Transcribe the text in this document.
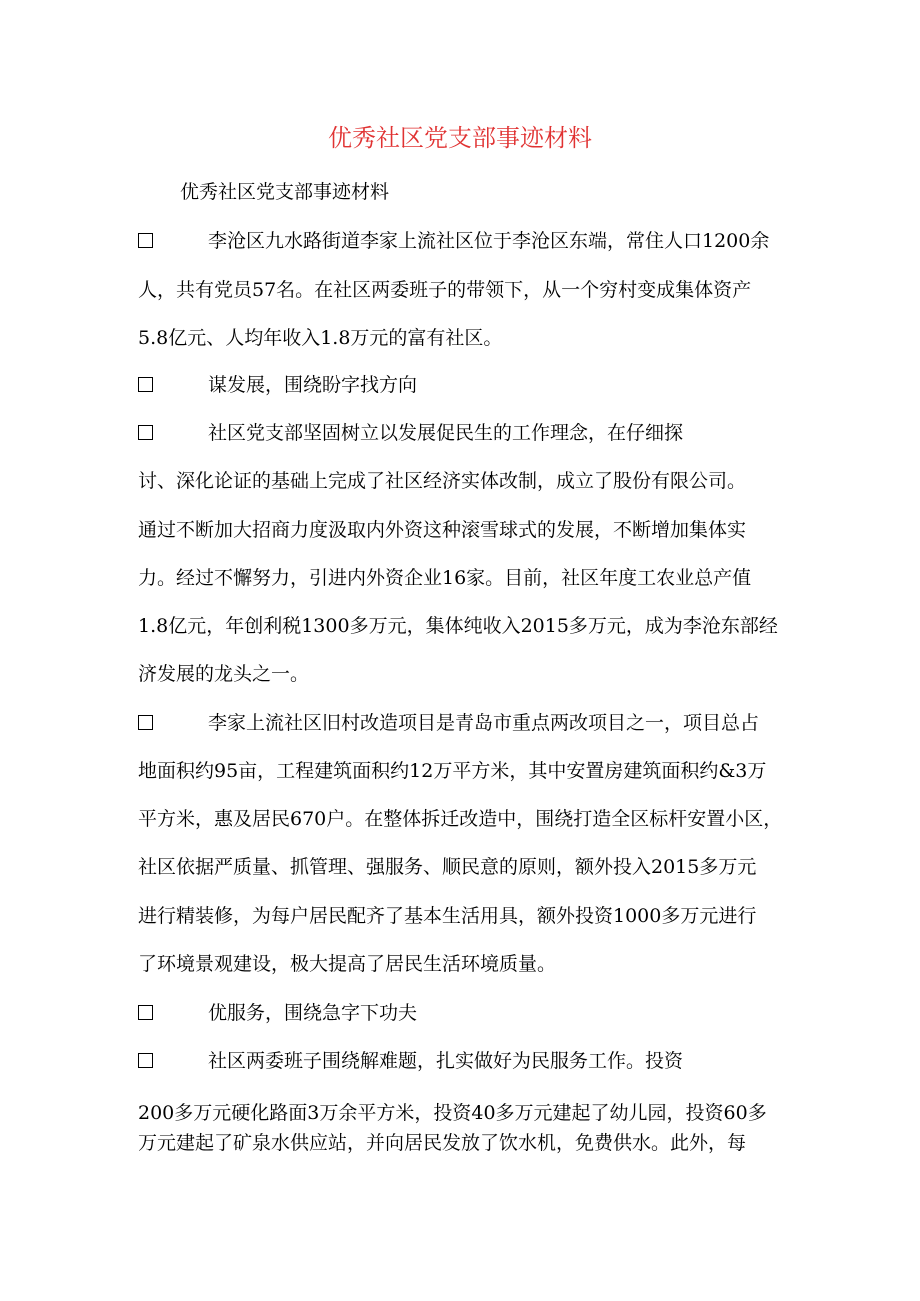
优秀社区党支部事迹材料
优秀社区党支部事迹材料
李沧区九水路街道李家上流社区位于李沧区东端，常住人口1200余
人，共有党员57名。在社区两委班子的带领下，从一个穷村变成集体资产
5.8亿元、人均年收入1.8万元的富有社区。
谋发展，围绕盼字找方向
社区党支部坚固树立以发展促民生的工作理念，在仔细探
讨、深化论证的基础上完成了社区经济实体改制，成立了股份有限公司。
通过不断加大招商力度汲取内外资这种滚雪球式的发展，不断增加集体实
力。经过不懈努力，引进内外资企业16家。目前，社区年度工农业总产值
1.8亿元，年创利税1300多万元，集体纯收入2015多万元，成为李沧东部经
济发展的龙头之一。
李家上流社区旧村改造项目是青岛市重点两改项目之一，项目总占
地面积约95亩，工程建筑面积约12万平方米，其中安置房建筑面积约&3万
平方米，惠及居民670户。在整体拆迁改造中，围绕打造全区标杆安置小区，
社区依据严质量、抓管理、强服务、顺民意的原则，额外投入2015多万元
进行精装修，为每户居民配齐了基本生活用具，额外投资1000多万元进行
了环境景观建设，极大提高了居民生活环境质量。
优服务，围绕急字下功夫
社区两委班子围绕解难题，扎实做好为民服务工作。投资
200多万元硬化路面3万余平方米，投资40多万元建起了幼儿园，投资60多
万元建起了矿泉水供应站，并向居民发放了饮水机，免费供水。此外，每
